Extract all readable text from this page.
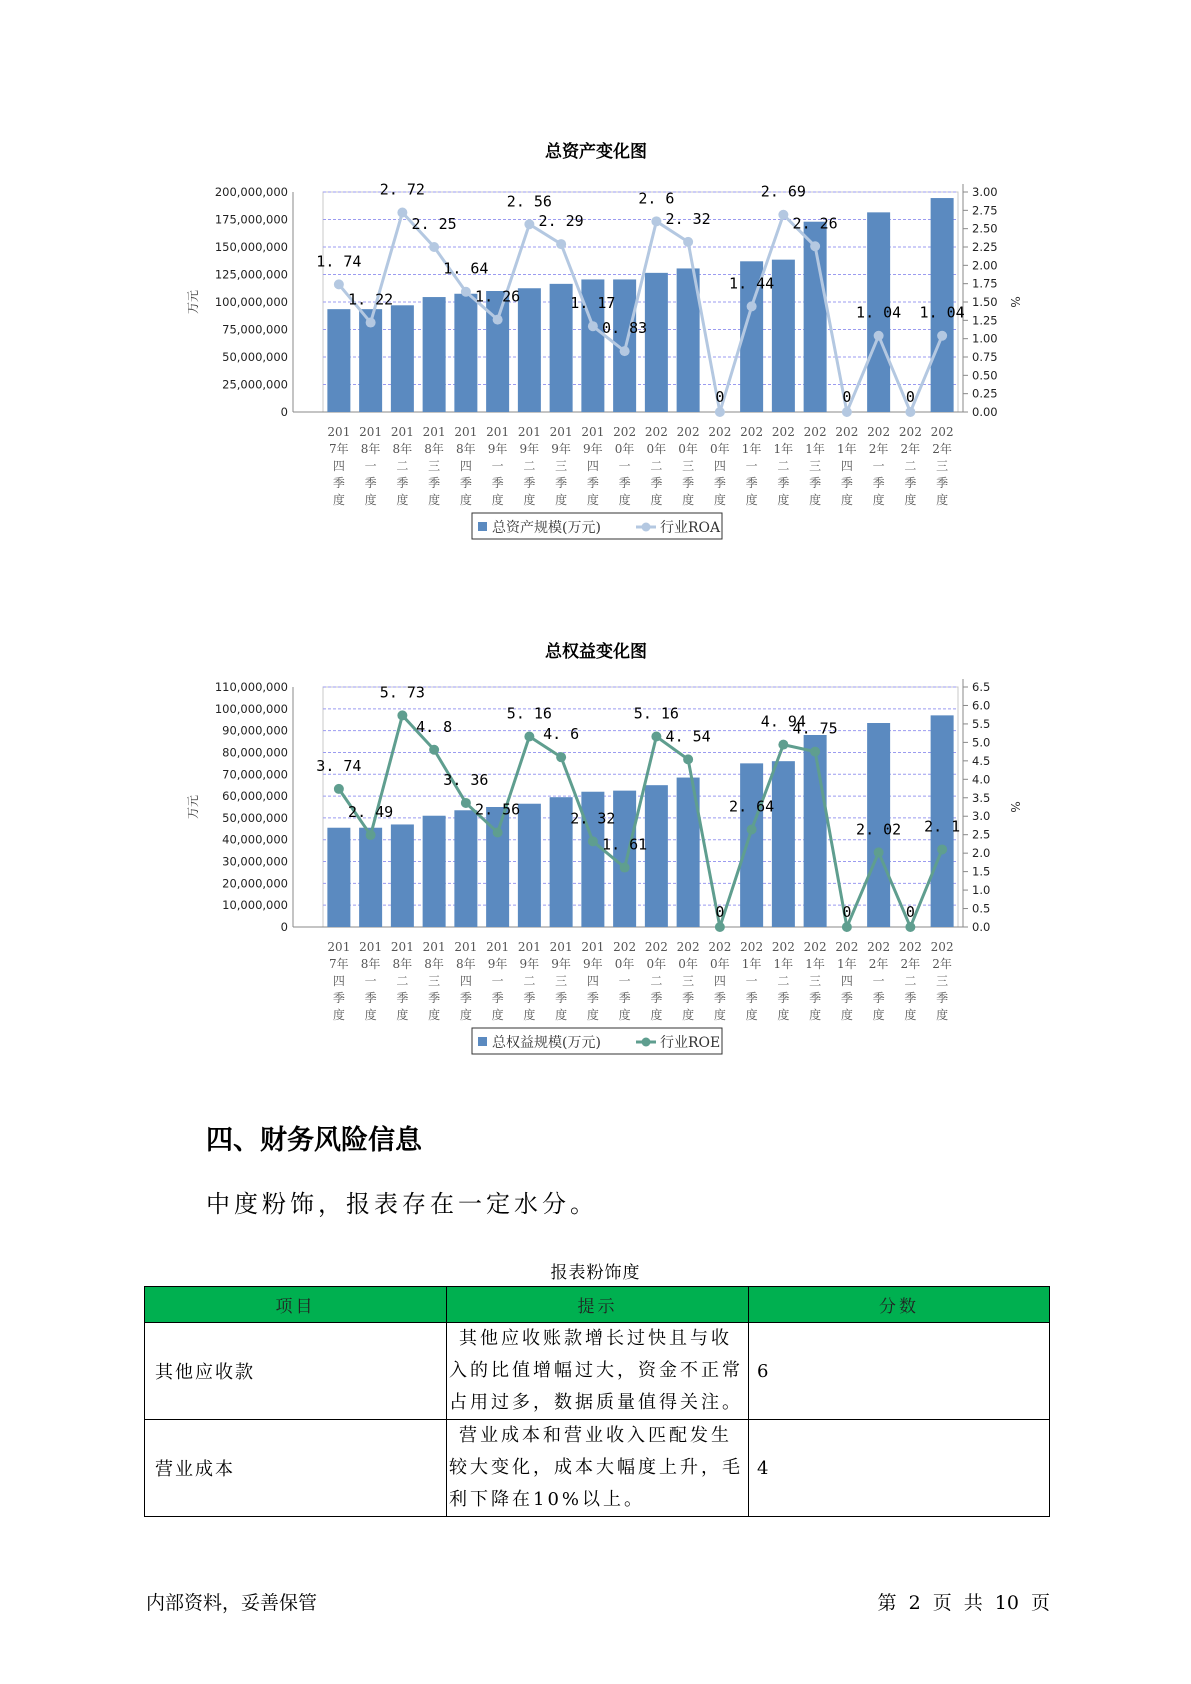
总资产变化图
0
25,000,000
50,000,000
75,000,000
100,000,000
125,000,000
150,000,000
175,000,000
200,000,000
0.00
0.25
0.50
0.75
1.00
1.25
1.50
1.75
2.00
2.25
2.50
2.75
3.00
万元	%
1. 74
1. 22
2. 72
2. 25
1. 64
1. 26
2. 56
2. 29
1. 17
0. 83
2. 6
2. 32
0
1. 44
2. 69
2. 26
0
1. 04
0
1. 04
201 7年四季度
201 8年一季度
201 8年二季度
201 8年三季度
201 8年四季度
201 9年一季度
201 9年二季度
201 9年三季度
201 9年四季度
202 0年一季度
202 0年二季度
202 0年三季度
202 0年四季度
202 1年一季度
202 1年二季度
202 1年三季度
202 1年四季度
202 2年一季度
202 2年二季度
202 2年三季度
总资产规模(万元)	行业ROA
总权益变化图
0
10,000,000
20,000,000
30,000,000
40,000,000
50,000,000
60,000,000
70,000,000
80,000,000
90,000,000
100,000,000
110,000,000
0.0
0.5
1.0
1.5
2.0
2.5
3.0
3.5
4.0
4.5
5.0
5.5
6.0
6.5
万元	%
3. 74
2. 49
5. 73
4. 8
3. 36
2. 56
5. 16
4. 6
2. 32
1. 61
5. 16
4. 54
0
2. 64
4. 94
4. 75
0
2. 02
0
2. 1
201 7年四季度
201 8年一季度
201 8年二季度
201 8年三季度
201 8年四季度
201 9年一季度
201 9年二季度
201 9年三季度
201 9年四季度
202 0年一季度
202 0年二季度
202 0年三季度
202 0年四季度
202 1年一季度
202 1年二季度
202 1年三季度
202 1年四季度
202 2年一季度
202 2年二季度
202 2年三季度
总权益规模(万元)	行业ROE
四、财务风险信息

中度粉饰，报表存在一定水分。

报表粉饰度
项目	提示	分数
其他应收款	其他应收账款增长过快且与收入的比值增幅过大，资金不正常占用过多，数据质量值得关注。	6
营业成本	营业成本和营业收入匹配发生较大变化，成本大幅度上升，毛利下降在10%以上。	4
内部资料，妥善保管	第 2 页 共 10 页
